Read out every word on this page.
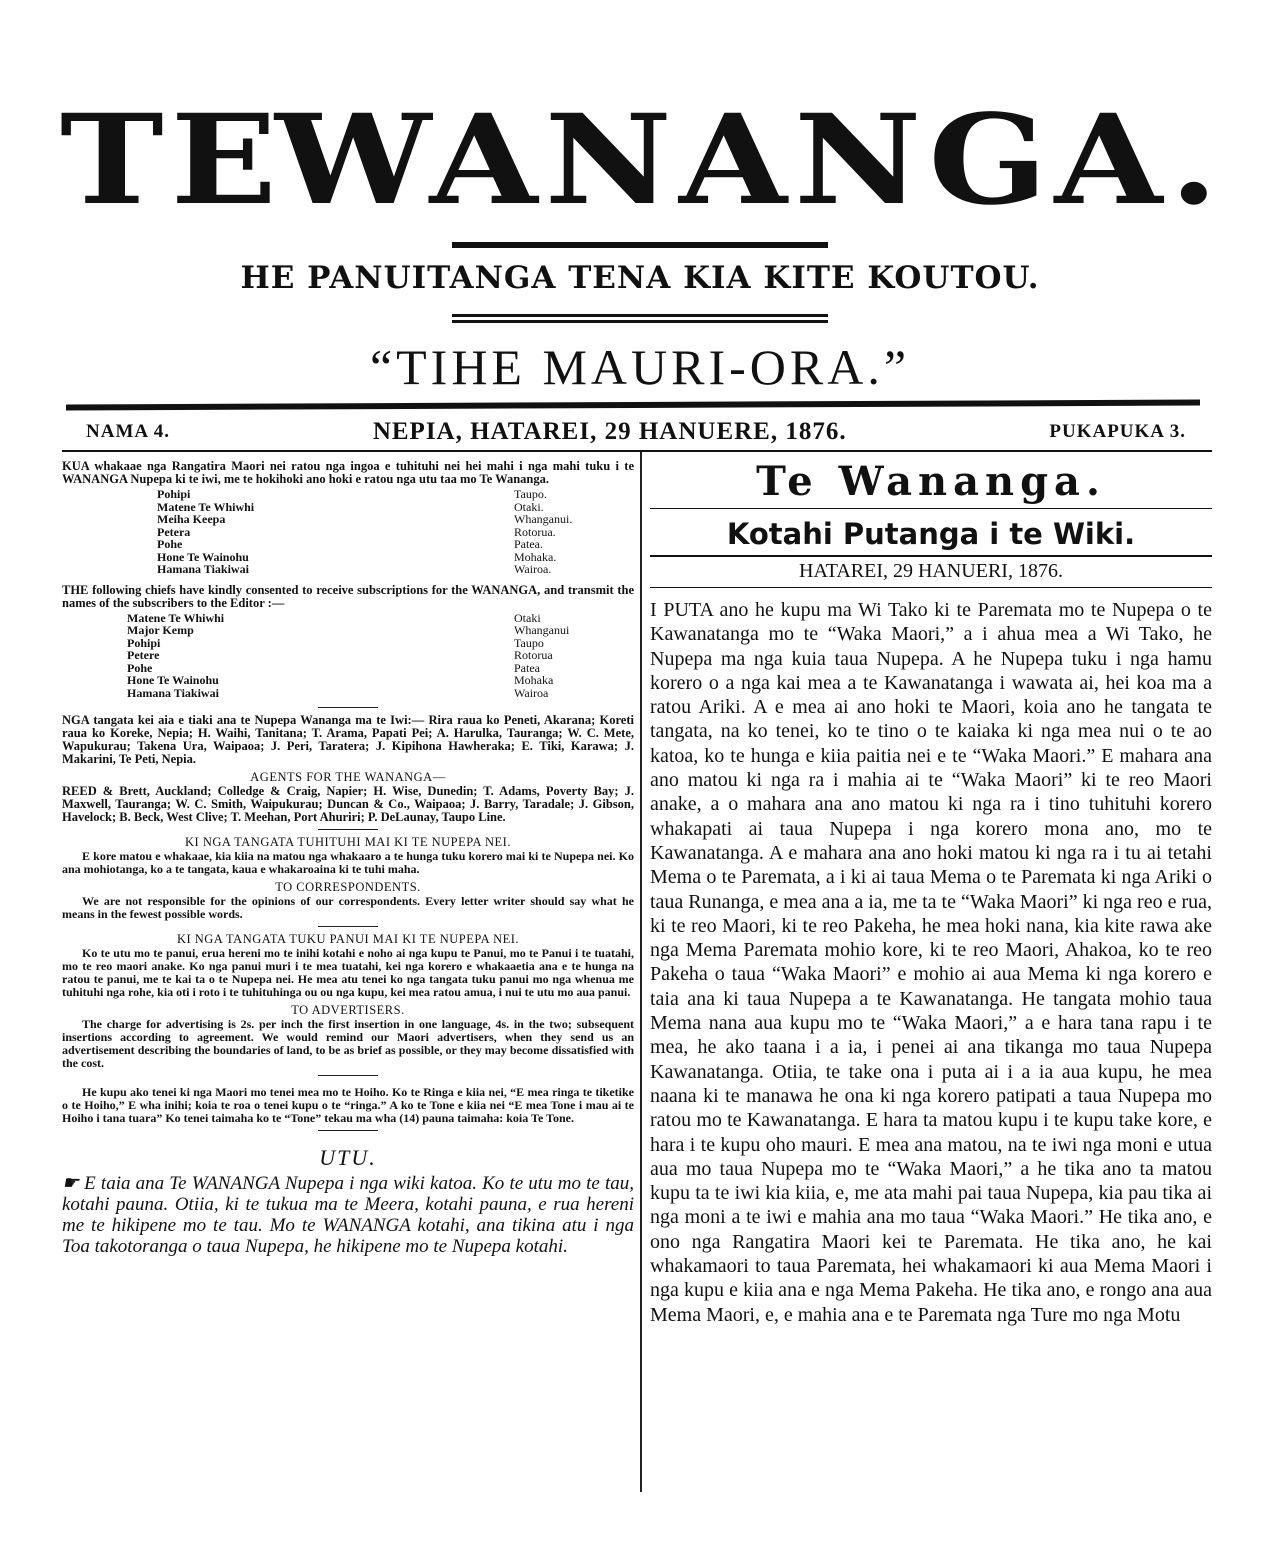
TE
WANANGA.
HE PANUITANGA TENA KIA KITE KOUTOU.
“TIHE MAURI-ORA.”
NAMA 4.	NEPIA, HATAREI, 29 HANUERE, 1876.	PUKAPUKA 3.

KUA whakaae nga Rangatira Maori nei ratou nga ingoa e tuhituhi nei hei mahi i nga mahi tuku i te WANANGA Nupepa ki te iwi, me te hokihoki ano hoki e ratou nga utu taa mo Te Wananga.

Pohipi	Taupo.
Matene Te Whiwhi	Otaki.
Meiha Keepa	Whanganui.
Petera	Rotorua.
Pohe	Patea.
Hone Te Wainohu	Mohaka.
Hamana Tiakiwai	Wairoa.

THE following chiefs have kindly consented to receive subscriptions for the WANANGA, and transmit the names of the subscribers to the Editor :—

Matene Te Whiwhi	Otaki
Major Kemp	Whanganui
Pohipi	Taupo
Petere	Rotorua
Pohe	Patea
Hone Te Wainohu	Mohaka
Hamana Tiakiwai	Wairoa

NGA tangata kei aia e tiaki ana te Nupepa Wananga ma te Iwi:— Rira raua ko Peneti, Akarana; Koreti raua ko Koreke, Nepia; H. Waihi, Tanitana; T. Arama, Papati Pei; A. Harulka, Tauranga; W. C. Mete, Wapukurau; Takena Ura, Waipaoa; J. Peri, Taratera; J. Kipihona Hawheraka; E. Tiki, Karawa; J. Makarini, Te Peti, Nepia.

AGENTS FOR THE WANANGA—

REED & Brett, Auckland; Colledge & Craig, Napier; H. Wise, Dunedin; T. Adams, Poverty Bay; J. Maxwell, Tauranga; W. C. Smith, Waipukurau; Duncan & Co., Waipaoa; J. Barry, Taradale; J. Gibson, Havelock; B. Beck, West Clive; T. Meehan, Port Ahuriri; P. DeLaunay, Taupo Line.

KI NGA TANGATA TUHITUHI MAI KI TE NUPEPA NEI.

E kore matou e whakaae, kia kiia na matou nga whakaaro a te hunga tuku korero mai ki te Nupepa nei. Ko ana mohiotanga, ko a te tangata, kaua e whakaroaina ki te tuhi maha.

TO CORRESPONDENTS.

We are not responsible for the opinions of our correspondents. Every letter writer should say what he means in the fewest possible words.

KI NGA TANGATA TUKU PANUI MAI KI TE NUPEPA NEI.

Ko te utu mo te panui, erua hereni mo te inihi kotahi e noho ai nga kupu te Panui, mo te Panui i te tuatahi, mo te reo maori anake. Ko nga panui muri i te mea tuatahi, kei nga korero e whakaaetia ana e te hunga na ratou te panui, me te kai ta o te Nupepa nei. He mea atu tenei ko nga tangata tuku panui mo nga whenua me tuhituhi nga rohe, kia oti i roto i te tuhituhinga ou ou nga kupu, kei mea ratou amua, i nui te utu mo aua panui.

TO ADVERTISERS.

The charge for advertising is 2s. per inch the first insertion in one language, 4s. in the two; subsequent insertions according to agreement. We would remind our Maori advertisers, when they send us an advertisement describing the boundaries of land, to be as brief as possible, or they may become dissatisfied with the cost.

He kupu ako tenei ki nga Maori mo tenei mea mo te Hoiho. Ko te Ringa e kiia nei, “E mea ringa te tiketike o te Hoiho,” E wha inihi; koia te roa o tenei kupu o te “ringa.” A ko te Tone e kiia nei “E mea Tone i mau ai te Hoiho i tana tuara” Ko tenei taimaha ko te “Tone” tekau ma wha (14) pauna taimaha: koia Te Tone.

UTU.

☛ E taia ana Te WANANGA Nupepa i nga wiki katoa. Ko te utu mo te tau, kotahi pauna. Otiia, ki te tukua ma te Meera, kotahi pauna, e rua hereni me te hikipene mo te tau. Mo te WANANGA kotahi, ana tikina atu i nga Toa takotoranga o taua Nupepa, he hikipene mo te Nupepa kotahi.

Te Wananga.
Kotahi Putanga i te Wiki.
HATAREI, 29 HANUERI, 1876.

I PUTA ano he kupu ma Wi Tako ki te Paremata mo te Nupepa o te Kawanatanga mo te “Waka Maori,” a i ahua mea a Wi Tako, he Nupepa ma nga kuia taua Nupepa. A he Nupepa tuku i nga hamu korero o a nga kai mea a te Kawanatanga i wawata ai, hei koa ma a ratou Ariki. A e mea ai ano hoki te Maori, koia ano he tangata te tangata, na ko tenei, ko te tino o te kaiaka ki nga mea nui o te ao katoa, ko te hunga e kiia paitia nei e te “Waka Maori.” E mahara ana ano matou ki nga ra i mahia ai te “Waka Maori” ki te reo Maori anake, a o mahara ana ano matou ki nga ra i tino tuhituhi korero whakapati ai taua Nupepa i nga korero mona ano, mo te Kawanatanga. A e mahara ana ano hoki matou ki nga ra i tu ai tetahi Mema o te Paremata, a i ki ai taua Mema o te Paremata ki nga Ariki o taua Runanga, e mea ana a ia, me ta te “Waka Maori” ki nga reo e rua, ki te reo Maori, ki te reo Pakeha, he mea hoki nana, kia kite rawa ake nga Mema Paremata mohio kore, ki te reo Maori, Ahakoa, ko te reo Pakeha o taua “Waka Maori” e mohio ai aua Mema ki nga korero e taia ana ki taua Nupepa a te Kawanatanga. He tangata mohio taua Mema nana aua kupu mo te “Waka Maori,” a e hara tana rapu i te mea, he ako taana i a ia, i penei ai ana tikanga mo taua Nupepa Kawanatanga. Otiia, te take ona i puta ai i a ia aua kupu, he mea naana ki te manawa he ona ki nga korero patipati a taua Nupepa mo ratou mo te Kawanatanga. E hara ta matou kupu i te kupu take kore, e hara i te kupu oho mauri. E mea ana matou, na te iwi nga moni e utua aua mo taua Nupepa mo te “Waka Maori,” a he tika ano ta matou kupu ta te iwi kia kiia, e, me ata mahi pai taua Nupepa, kia pau tika ai nga moni a te iwi e mahia ana mo taua “Waka Maori.” He tika ano, e ono nga Rangatira Maori kei te Paremata. He tika ano, he kai whakamaori to taua Paremata, hei whakamaori ki aua Mema Maori i nga kupu e kiia ana e nga Mema Pakeha. He tika ano, e rongo ana aua Mema Maori, e, e mahia ana e te Paremata nga Ture mo nga Motu
